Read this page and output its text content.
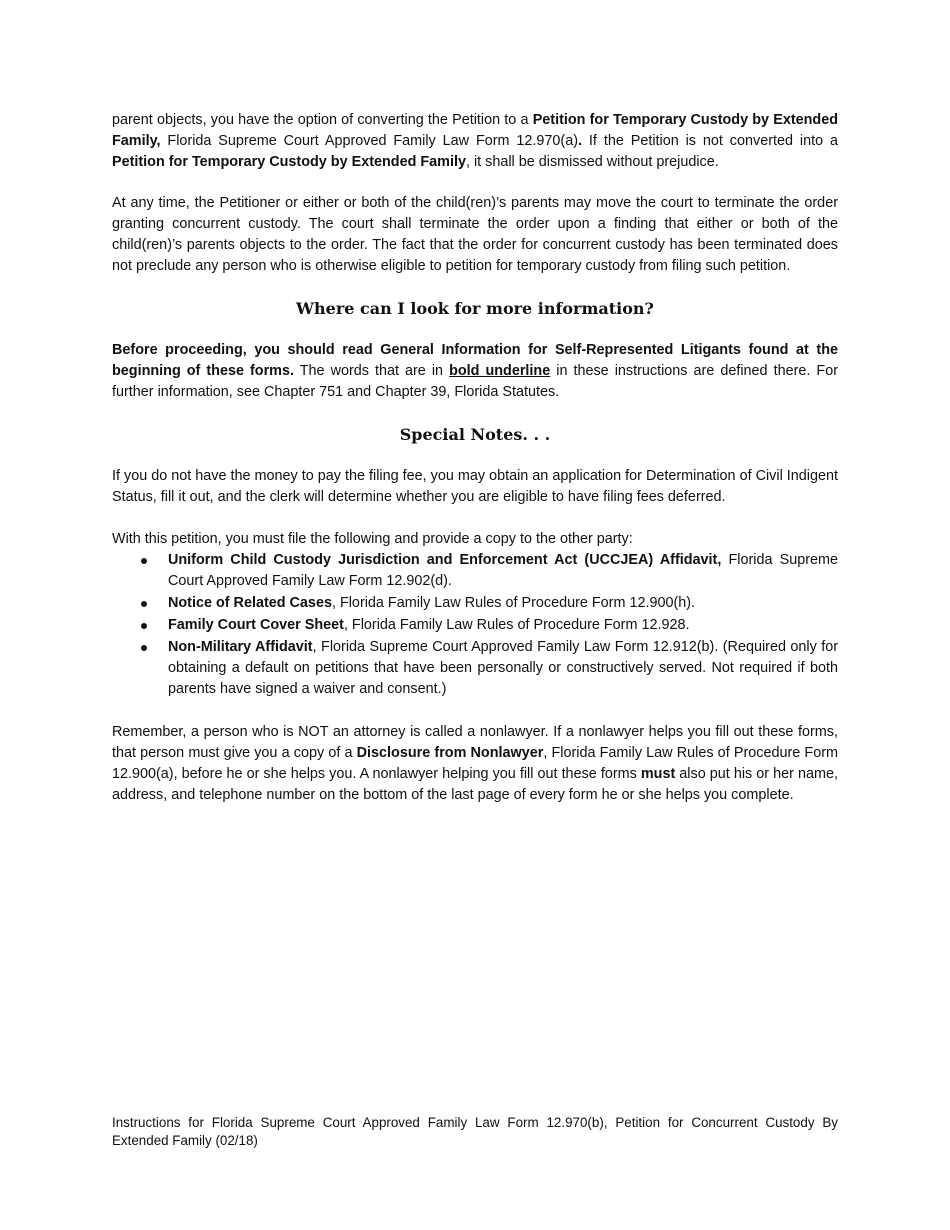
parent objects, you have the option of converting the Petition to a Petition for Temporary Custody by Extended Family, Florida Supreme Court Approved Family Law Form 12.970(a). If the Petition is not converted into a Petition for Temporary Custody by Extended Family, it shall be dismissed without prejudice.

At any time, the Petitioner or either or both of the child(ren)’s parents may move the court to terminate the order granting concurrent custody. The court shall terminate the order upon a finding that either or both of the child(ren)’s parents objects to the order. The fact that the order for concurrent custody has been terminated does not preclude any person who is otherwise eligible to petition for temporary custody from filing such petition.

Where can I look for more information?

Before proceeding, you should read General Information for Self-Represented Litigants found at the beginning of these forms. The words that are in bold underline in these instructions are defined there. For further information, see Chapter 751 and Chapter 39, Florida Statutes.

Special Notes. . .

If you do not have the money to pay the filing fee, you may obtain an application for Determination of Civil Indigent Status, fill it out, and the clerk will determine whether you are eligible to have filing fees deferred.

With this petition, you must file the following and provide a copy to the other party:

Uniform Child Custody Jurisdiction and Enforcement Act (UCCJEA) Affidavit, Florida Supreme Court Approved Family Law Form 12.902(d).
Notice of Related Cases, Florida Family Law Rules of Procedure Form 12.900(h).
Family Court Cover Sheet, Florida Family Law Rules of Procedure Form 12.928.
Non-Military Affidavit, Florida Supreme Court Approved Family Law Form 12.912(b). (Required only for obtaining a default on petitions that have been personally or constructively served. Not required if both parents have signed a waiver and consent.)

Remember, a person who is NOT an attorney is called a nonlawyer. If a nonlawyer helps you fill out these forms, that person must give you a copy of a Disclosure from Nonlawyer, Florida Family Law Rules of Procedure Form 12.900(a), before he or she helps you. A nonlawyer helping you fill out these forms must also put his or her name, address, and telephone number on the bottom of the last page of every form he or she helps you complete.

Instructions for Florida Supreme Court Approved Family Law Form 12.970(b), Petition for Concurrent Custody By Extended Family (02/18)
